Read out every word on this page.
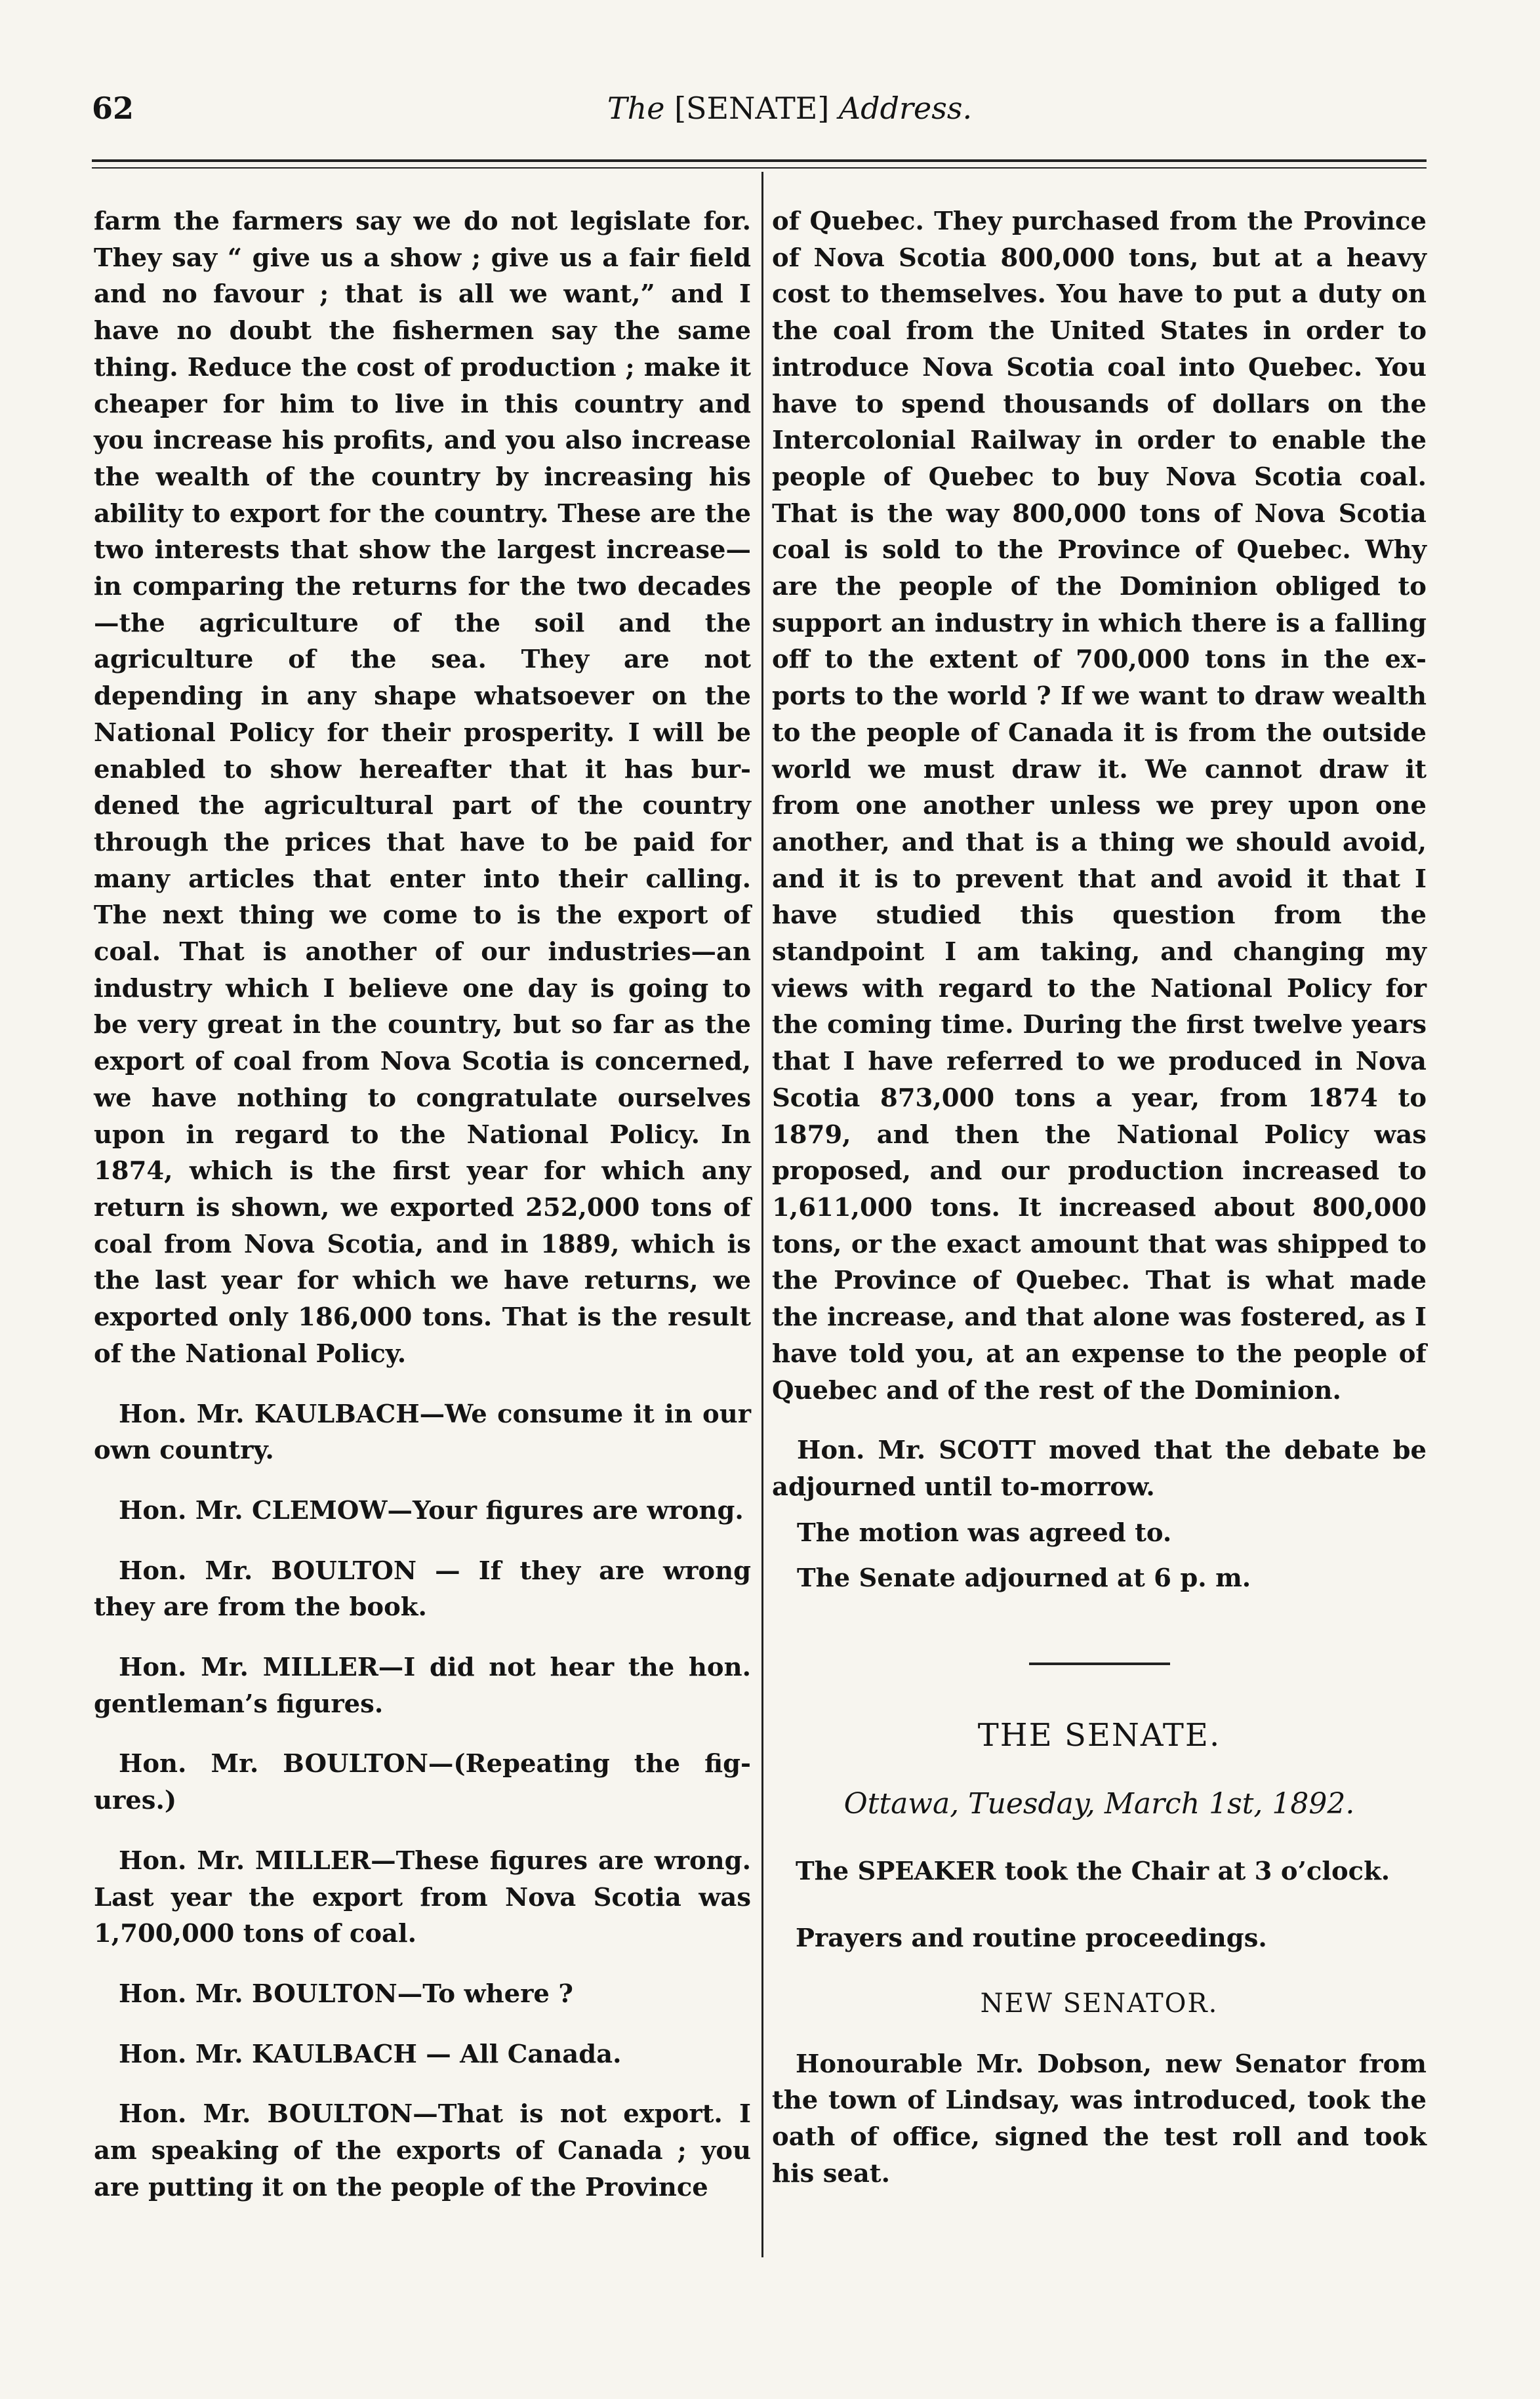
62	The [SENATE] Address.

farm the farmers say we do not legislate for. They say “ give us a show ; give us a fair field and no favour ; that is all we want,” and I have no doubt the fishermen say the same thing. Reduce the cost of production ; make it cheaper for him to live in this country and you increase his profits, and you also increase the wealth of the country by increasing his ability to export for the country. These are the two interests that show the largest increase—in comparing the returns for the two decades—the agriculture of the soil and the agriculture of the sea. They are not depending in any shape whatsoever on the National Policy for their prosperity. I will be enabled to show hereafter that it has burdened the agricultural part of the country through the prices that have to be paid for many articles that enter into their calling. The next thing we come to is the export of coal. That is another of our industries—an industry which I believe one day is going to be very great in the country, but so far as the export of coal from Nova Scotia is concerned, we have nothing to congratulate ourselves upon in regard to the National Policy. In 1874, which is the first year for which any return is shown, we exported 252,000 tons of coal from Nova Scotia, and in 1889, which is the last year for which we have returns, we exported only 186,000 tons. That is the result of the National Policy.

Hon. Mr. KAULBACH—We consume it in our own country.

Hon. Mr. CLEMOW—Your figures are wrong.

Hon. Mr. BOULTON — If they are wrong they are from the book.

Hon. Mr. MILLER—I did not hear the hon. gentleman’s figures.

Hon. Mr. BOULTON—(Repeating the figures.)

Hon. Mr. MILLER—These figures are wrong. Last year the export from Nova Scotia was 1,700,000 tons of coal.

Hon. Mr. BOULTON—To where ?

Hon. Mr. KAULBACH — All Canada.

Hon. Mr. BOULTON—That is not export. I am speaking of the exports of Canada ; you are putting it on the people of the Province

of Quebec. They purchased from the Province of Nova Scotia 800,000 tons, but at a heavy cost to themselves. You have to put a duty on the coal from the United States in order to introduce Nova Scotia coal into Quebec. You have to spend thousands of dollars on the Intercolonial Railway in order to enable the people of Quebec to buy Nova Scotia coal. That is the way 800,000 tons of Nova Scotia coal is sold to the Province of Quebec. Why are the people of the Dominion obliged to support an industry in which there is a falling off to the extent of 700,000 tons in the exports to the world ? If we want to draw wealth to the people of Canada it is from the outside world we must draw it. We cannot draw it from one another unless we prey upon one another, and that is a thing we should avoid, and it is to prevent that and avoid it that I have studied this question from the standpoint I am taking, and changing my views with regard to the National Policy for the coming time. During the first twelve years that I have referred to we produced in Nova Scotia 873,000 tons a year, from 1874 to 1879, and then the National Policy was proposed, and our production increased to 1,611,000 tons. It increased about 800,000 tons, or the exact amount that was shipped to the Province of Quebec. That is what made the increase, and that alone was fostered, as I have told you, at an expense to the people of Quebec and of the rest of the Dominion.

Hon. Mr. SCOTT moved that the debate be adjourned until to-morrow.

The motion was agreed to.

The Senate adjourned at 6 p. m.

THE SENATE.
Ottawa, Tuesday, March 1st, 1892.

The SPEAKER took the Chair at 3 o’clock.

Prayers and routine proceedings.

NEW SENATOR.

Honourable Mr. Dobson, new Senator from the town of Lindsay, was introduced, took the oath of office, signed the test roll and took his seat.
